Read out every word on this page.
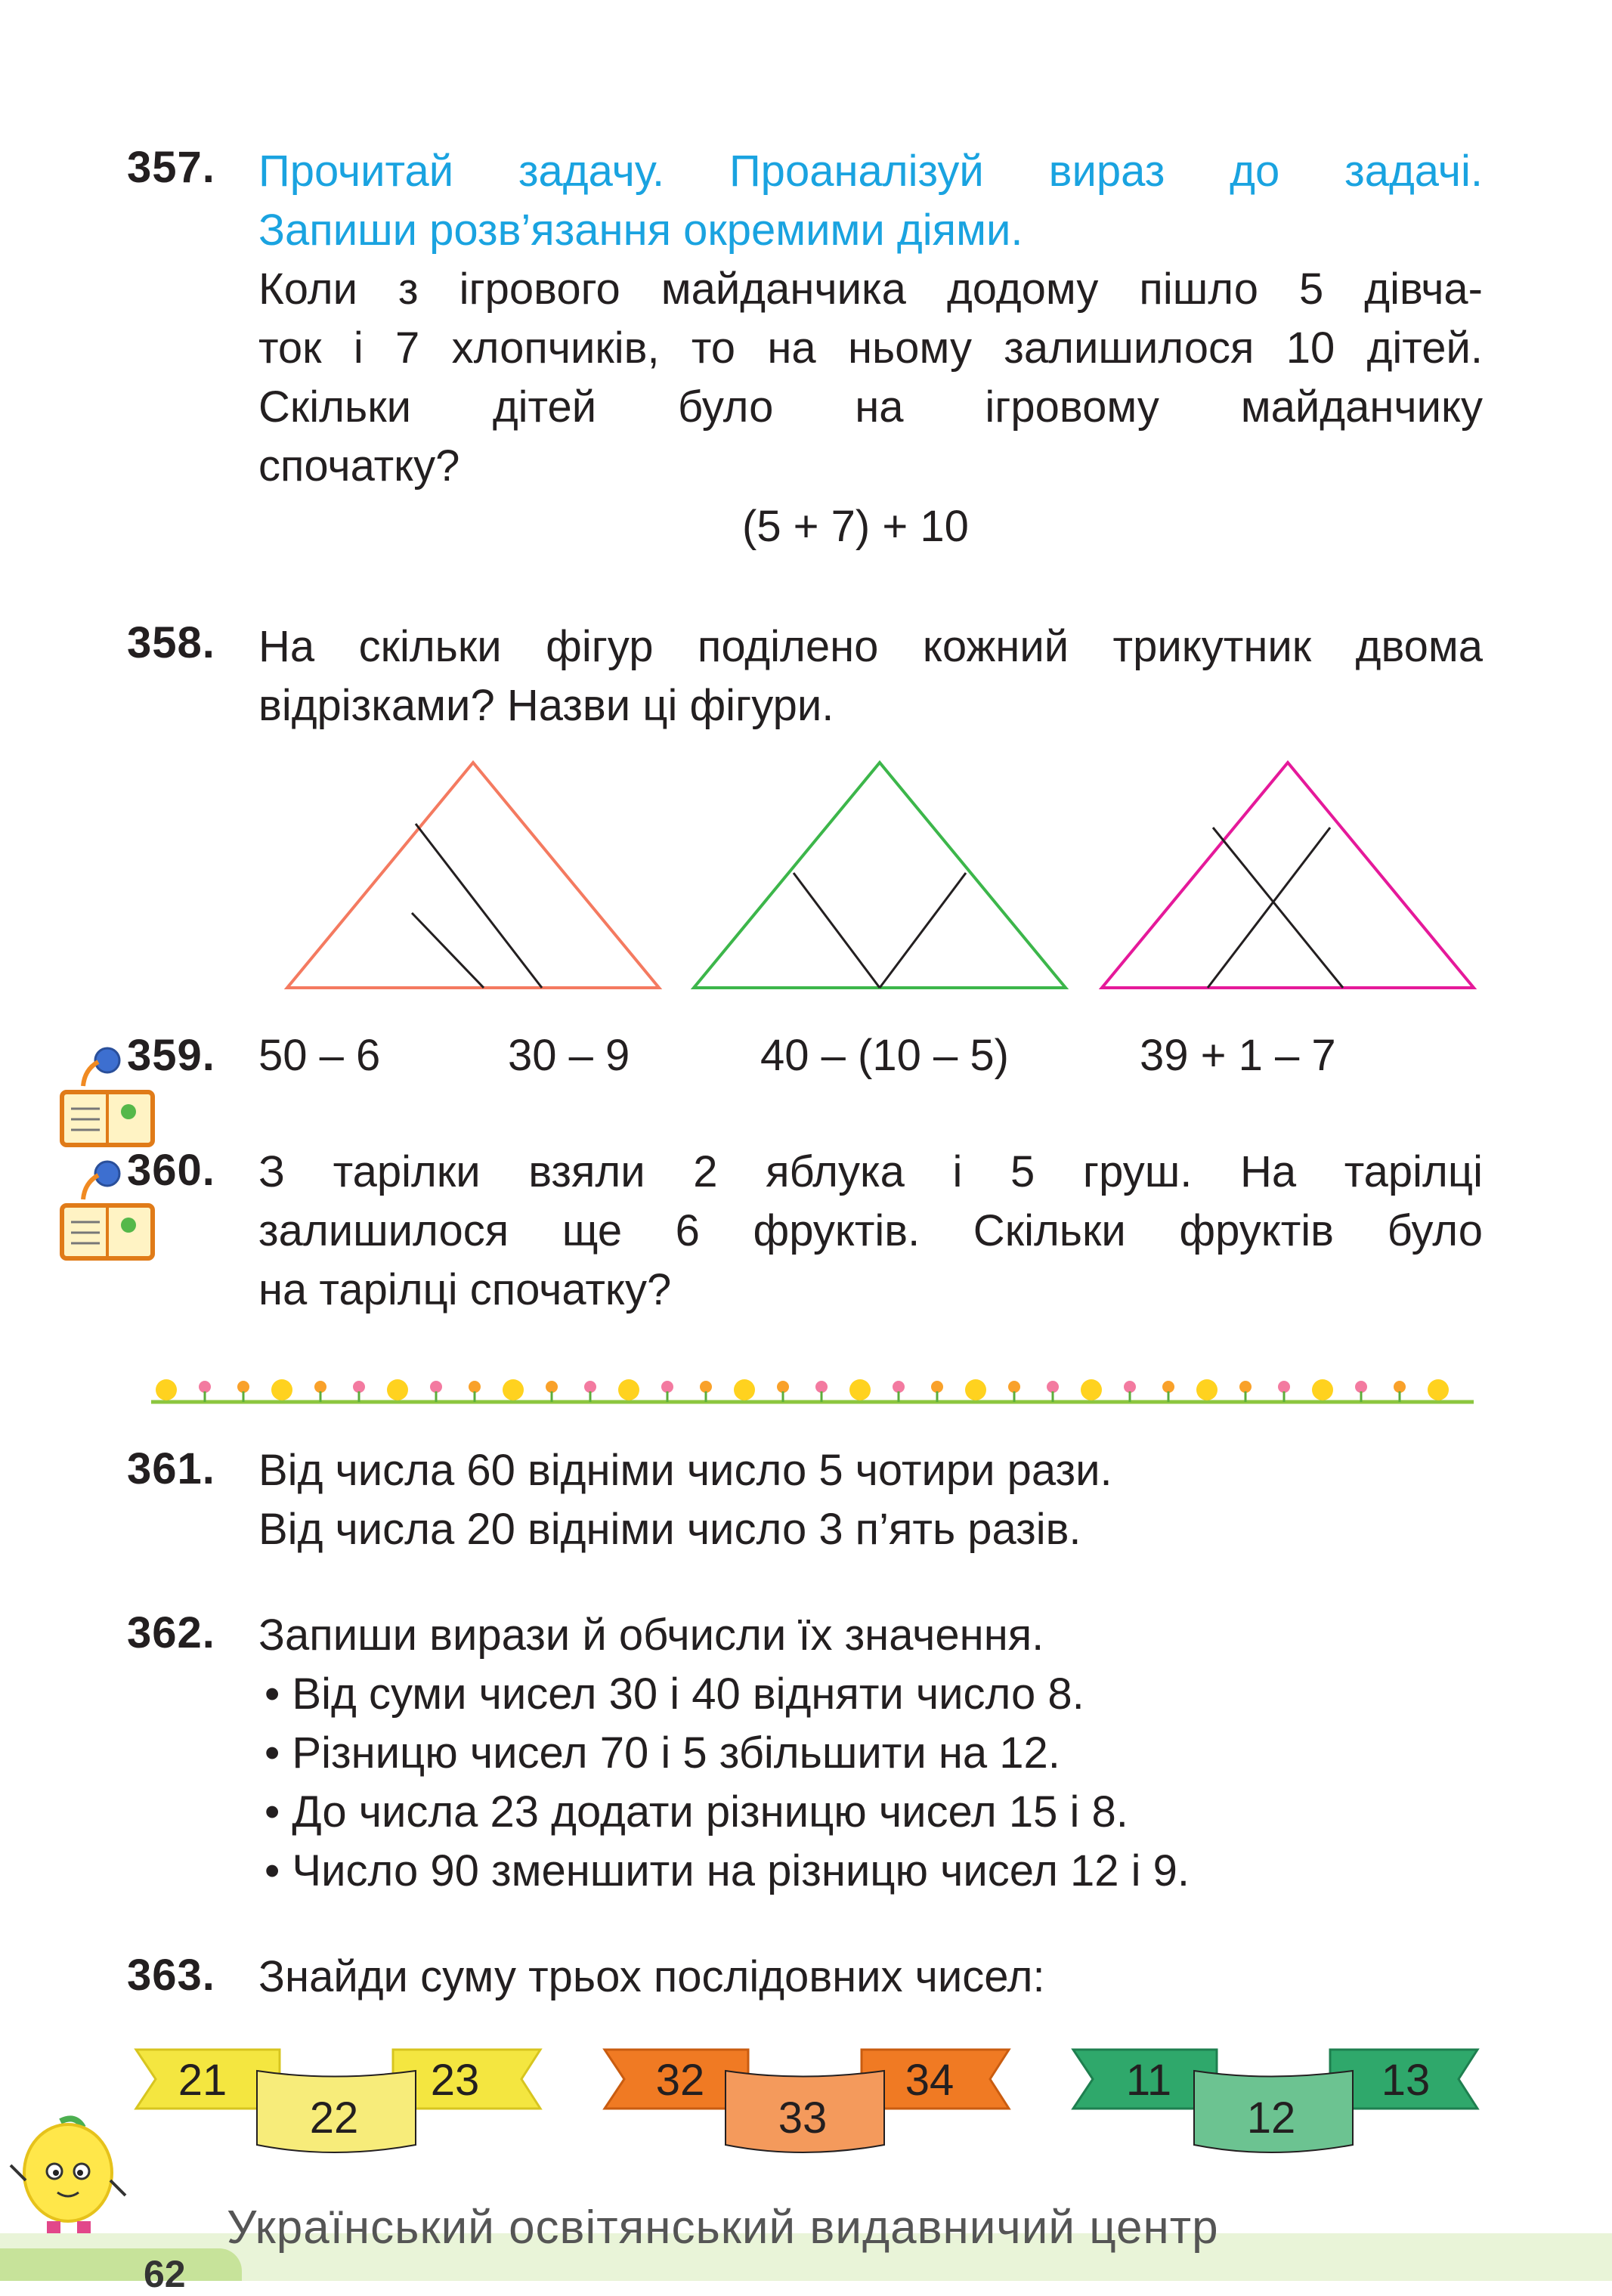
357. Прочитай задачу. Проаналізуй вираз до задачі.
Запиши розв’язання окремими діями.
Коли з ігрового майданчика додому пішло 5 дівча-
ток і 7 хлопчиків, то на ньому залишилося 10 дітей.
Скільки дітей було на ігровому майданчику
спочатку?
(5 + 7) + 10
358. На скільки фігур поділено кожний трикутник двома
відрізками? Назви ці фігури.
359. 50 – 6	30 – 9	40 – (10 – 5)	39 + 1 – 7
360. З тарілки взяли 2 яблука і 5 груш. На тарілці
залишилося ще 6 фруктів. Скільки фруктів було
на тарілці спочатку?
361. Від числа 60 відніми число 5 чотири рази.
Від числа 20 відніми число 3 п’ять разів.
362. Запиши вирази й обчисли їх значення.
• Від суми чисел 30 і 40 відняти число 8.
• Різницю чисел 70 і 5 збільшити на 12.
• До числа 23 додати різницю чисел 15 і 8.
• Число 90 зменшити на різницю чисел 12 і 9.
363. Знайди суму трьох послідовних чисел:
21
22
23	32
33
34	11
12
13
62
Український освітянський видавничий центр
